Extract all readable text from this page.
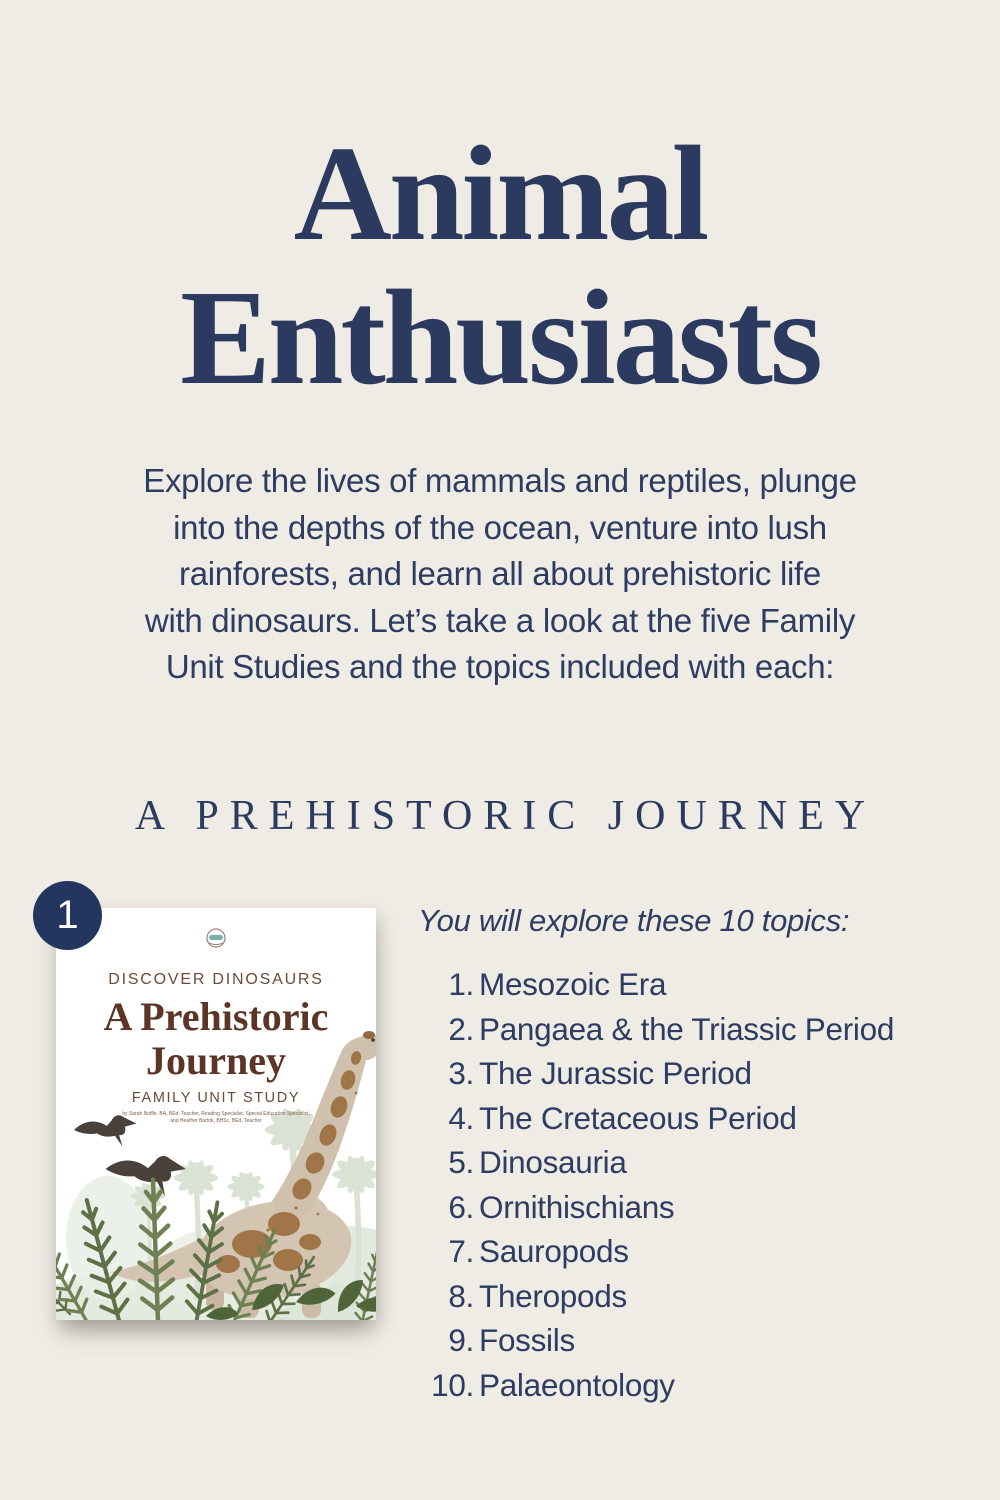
Animal
Enthusiasts
Explore the lives of mammals and reptiles, plunge
into the depths of the ocean, venture into lush
rainforests, and learn all about prehistoric life
with dinosaurs. Let’s take a look at the five Family
Unit Studies and the topics included with each:
A PREHISTORIC JOURNEY
1
DISCOVER DINOSAURS
A Prehistoric
Journey
FAMILY UNIT STUDY
by Sarah Noffle, BA, BEd, Teacher, Reading Specialist, Special Education Specialist,
and Heather Bartok, BHSc, BEd, Teacher

You will explore these 10 topics:

1. Mesozoic Era
2. Pangaea & the Triassic Period
3. The Jurassic Period
4. The Cretaceous Period
5. Dinosauria
6. Ornithischians
7. Sauropods
8. Theropods
9. Fossils
10. Palaeontology
